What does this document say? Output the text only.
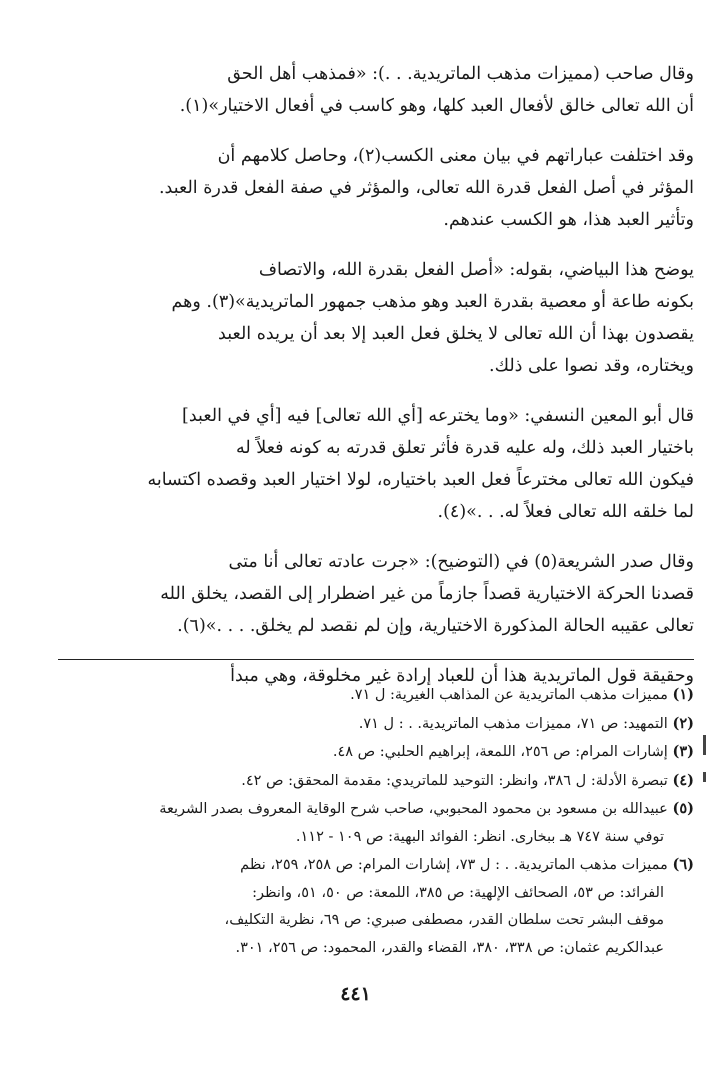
وقال صاحب (مميزات مذهب الماتريدية. . .): «فمذهب أهل الحق
أن الله تعالى خالق لأفعال العبد كلها، وهو كاسب في أفعال الاختيار»(١).

وقد اختلفت عباراتهم في بيان معنى الكسب(٢)، وحاصل كلامهم أن
المؤثر في أصل الفعل قدرة الله تعالى، والمؤثر في صفة الفعل قدرة العبد.
وتأثير العبد هذا، هو الكسب عندهم.

يوضح هذا البياضي، بقوله: «أصل الفعل بقدرة الله، والاتصاف
بكونه طاعة أو معصية بقدرة العبد وهو مذهب جمهور الماتريدية»(٣). وهم
يقصدون بهذا أن الله تعالى لا يخلق فعل العبد إلا بعد أن يريده العبد
ويختاره، وقد نصوا على ذلك.

قال أبو المعين النسفي: «وما يخترعه [أي الله تعالى] فيه [أي في العبد]
باختيار العبد ذلك، وله عليه قدرة فأثر تعلق قدرته به كونه فعلاً له
فيكون الله تعالى مخترعاً فعل العبد باختياره، لولا اختيار العبد وقصده اكتسابه
لما خلقه الله تعالى فعلاً له. . .»(٤).

وقال صدر الشريعة(٥) في (التوضيح): «جرت عادته تعالى أنا متى
قصدنا الحركة الاختيارية قصداً جازماً من غير اضطرار إلى القصد، يخلق الله
تعالى عقيبه الحالة المذكورة الاختيارية، وإن لم نقصد لم يخلق. . . .»(٦).

وحقيقة قول الماتريدية هذا أن للعباد إرادة غير مخلوقة، وهي مبدأ

(١) مميزات مذهب الماتريدية عن المذاهب الغيرية: ل ٧١.
(٢) التمهيد: ص ٧١، مميزات مذهب الماتريدية. . : ل ٧١.
(٣) إشارات المرام: ص ٢٥٦، اللمعة، إبراهيم الحلبي: ص ٤٨.
(٤) تبصرة الأدلة: ل ٣٨٦، وانظر: التوحيد للماتريدي: مقدمة المحقق: ص ٤٢.
(٥) عبيدالله بن مسعود بن محمود المحبوبي، صاحب شرح الوقاية المعروف بصدر الشريعة
توفي سنة ٧٤٧ هـ ببخارى. انظر: الفوائد البهية: ص ١٠٩ - ١١٢.
(٦) مميزات مذهب الماتريدية. . : ل ٧٣، إشارات المرام: ص ٢٥٨، ٢٥٩، نظم
الفرائد: ص ٥٣، الصحائف الإلهية: ص ٣٨٥، اللمعة: ص ٥٠، ٥١، وانظر:
موقف البشر تحت سلطان القدر، مصطفى صبري: ص ٦٩، نظرية التكليف،
عبدالكريم عثمان: ص ٣٣٨، ٣٨٠، القضاء والقدر، المحمود: ص ٢٥٦، ٣٠١.
٤٤١
